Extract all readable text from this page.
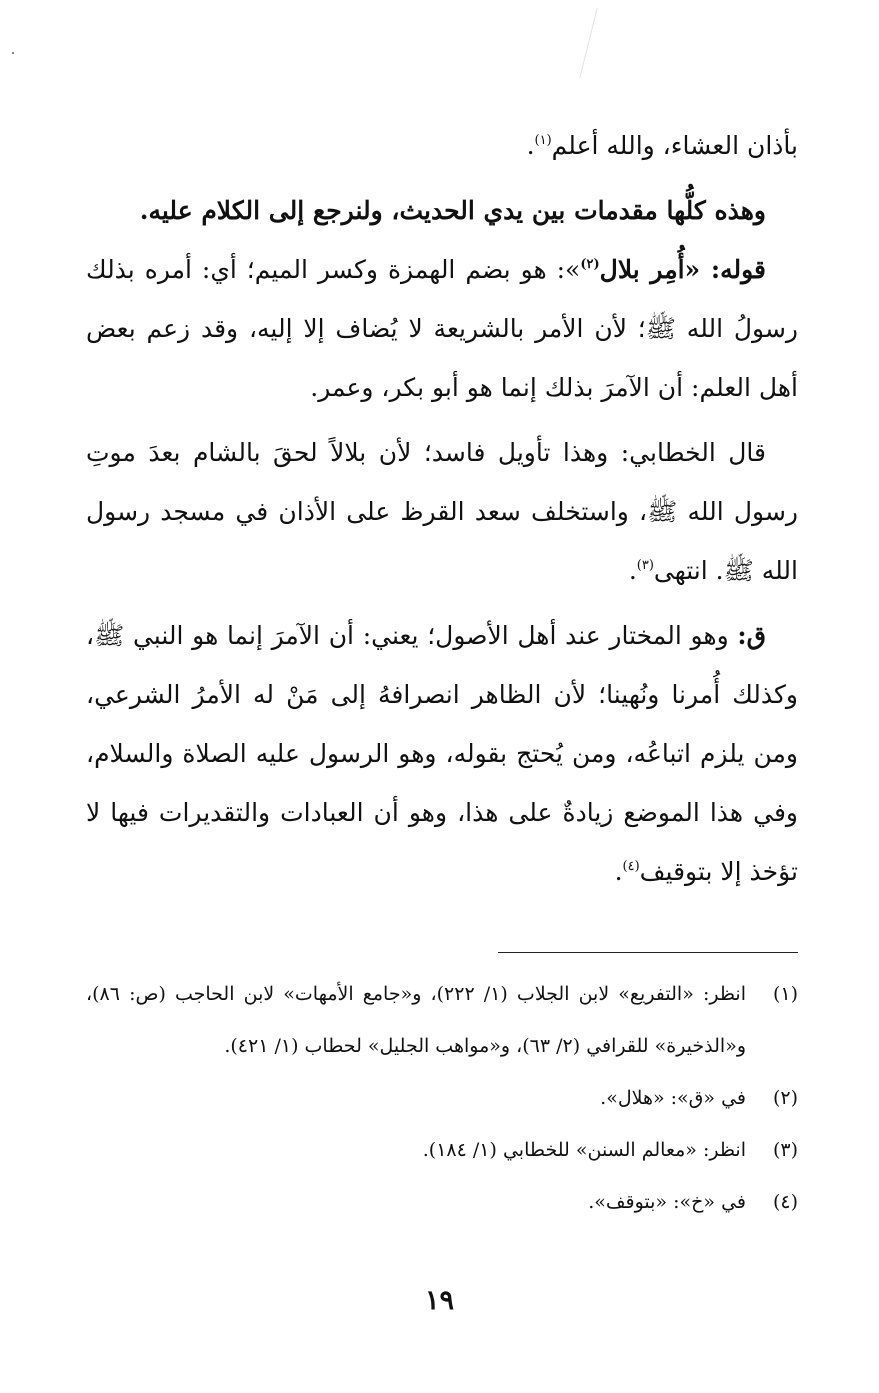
بأذان العشاء، والله أعلم$^{(١)}$.

وهذه كلُّها مقدمات بين يدي الحديث، ولنرجع إلى الكلام عليه.

قوله: «أُمِر بلال$^{(٢)}$»: هو بضم الهمزة وكسر الميم؛ أي: أمره بذلك رسولُ الله ﷺ؛ لأن الأمر بالشريعة لا يُضاف إلا إليه، وقد زعم بعض أهل العلم: أن الآمرَ بذلك إنما هو أبو بكر، وعمر.

قال الخطابي: وهذا تأويل فاسد؛ لأن بلالاً لحقَ بالشام بعدَ موتِ رسول الله ﷺ، واستخلف سعد القرظ على الأذان في مسجد رسول الله ﷺ. انتهى$^{(٣)}$.

ق: وهو المختار عند أهل الأصول؛ يعني: أن الآمرَ إنما هو النبي ﷺ، وكذلك أُمرنا ونُهينا؛ لأن الظاهر انصرافهُ إلى مَنْ له الأمرُ الشرعي، ومن يلزم اتباعُه، ومن يُحتج بقوله، وهو الرسول عليه الصلاة والسلام، وفي هذا الموضع زيادةٌ على هذا، وهو أن العبادات والتقديرات فيها لا تؤخذ إلا بتوقيف$^{(٤)}$.

(١)
انظر: «التفريع» لابن الجلاب (١/ ٢٢٢)، و«جامع الأمهات» لابن الحاجب (ص: ٨٦)، و«الذخيرة» للقرافي (٢/ ٦٣)، و«مواهب الجليل» لحطاب (١/ ٤٢١).
(٢)
في «ق»: «هلال».
(٣)
انظر: «معالم السنن» للخطابي (١/ ١٨٤).
(٤)
في «خ»: «بتوقف».
١٩
